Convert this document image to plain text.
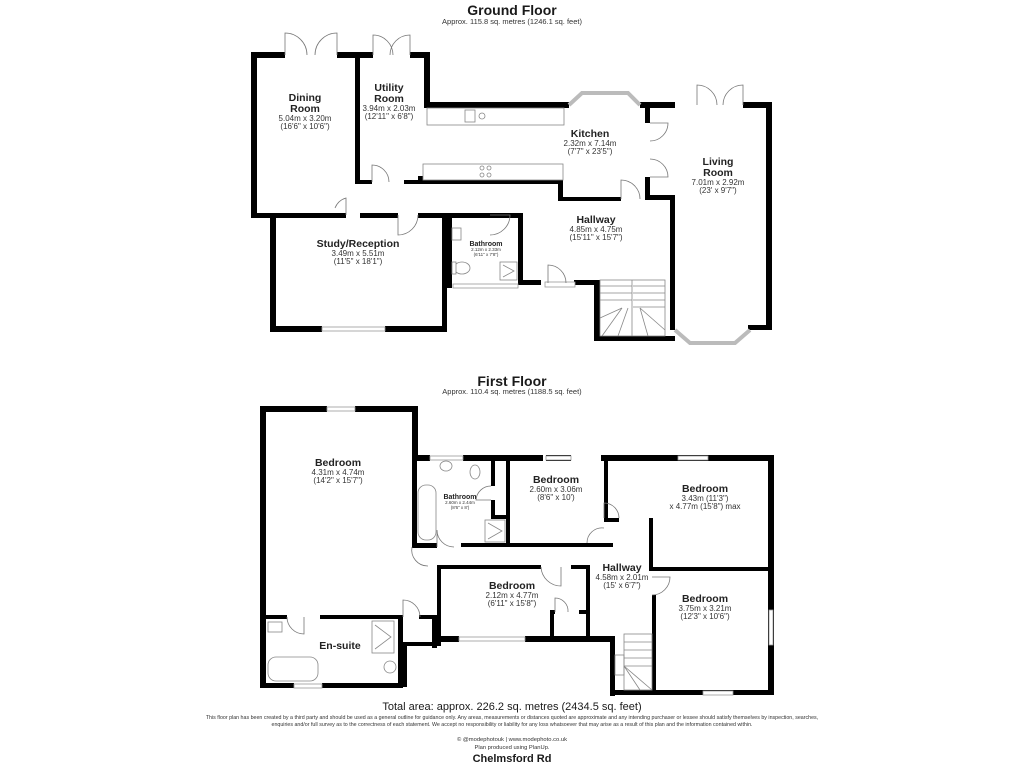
Ground Floor
Approx. 115.8 sq. metres (1246.1 sq. feet)
Dining
Room
5.04m x 3.20m
(16'6" x 10'6")
Utility
Room
3.94m x 2.03m
(12'11" x 6'8")
Kitchen
2.32m x 7.14m
(7'7" x 23'5")
Living
Room
7.01m x 2.92m
(23' x 9'7")
Hallway
4.85m x 4.75m
(15'11" x 15'7")
Study/Reception
3.49m x 5.51m
(11'5" x 18'1")
Bathroom
2.12m x 2.33m
(6'11" x 7'8")
First Floor
Approx. 110.4 sq. metres (1188.5 sq. feet)
Bedroom
4.31m x 4.74m
(14'2" x 15'7")
Bathroom
2.60m x 2.44m
(8'6" x 8')
Bedroom
2.60m x 3.06m
(8'6" x 10')
Bedroom
3.43m (11'3")
x 4.77m (15'8") max
Hallway
4.58m x 2.01m
(15' x 6'7")
Bedroom
2.12m x 4.77m
(6'11" x 15'8")	Bedroom
3.75m x 3.21m
(12'3" x 10'6")
En-suite
Total area: approx. 226.2 sq. metres (2434.5 sq. feet)
This floor plan has been created by a third party and should be used as a general outline for guidance only. Any areas, measurements or distances quoted are approximate and any intending purchaser or lessee should satisfy themselves by inspection, searches,
enquiries and/or full survey as to the correctness of each statement. We accept no responsibility or liability for any loss whatsoever that may arise as a result of this plan and the information contained within.
© @modephotouk | www.modephoto.co.uk
Plan produced using PlanUp.
Chelmsford Rd
